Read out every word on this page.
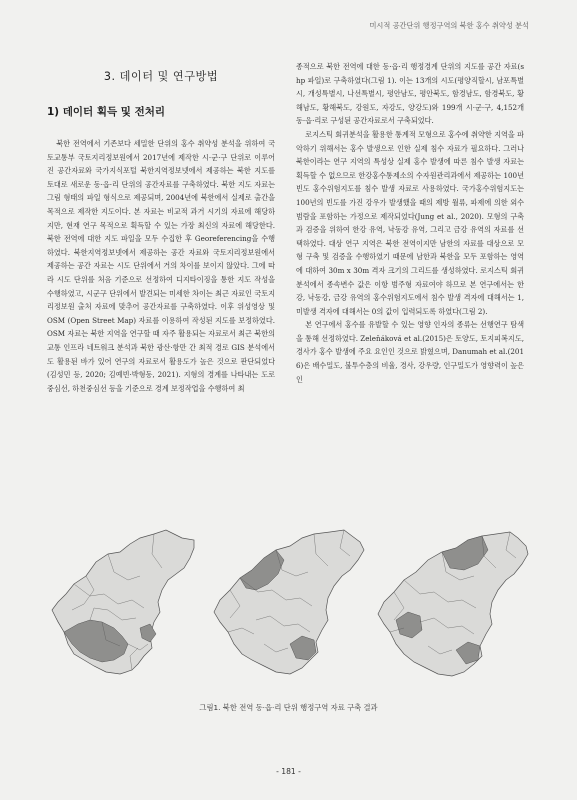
미시적 공간단위 행정구역의 북한 홍수 취약성 분석
3. 데이터 및 연구방법
1) 데이터 획득 및 전처리

북한 전역에서 기존보다 세밀한 단위의 홍수 취약성 분석을 위하여 국토교통부 국토지리정보원에서 2017년에 제작한 시·군·구 단위로 이루어진 공간자료와 국가지식포털 북한지역정보넷에서 제공하는 북한 지도를 토대로 새로운 동·읍·리 단위의 공간자료를 구축하였다. 북한 지도 자료는 그림 형태의 파일 형식으로 제공되며, 2004년에 북한에서 실제로 출간을 목적으로 제작한 지도이다. 본 자료는 비교적 과거 시기의 자료에 해당하지만, 현재 연구 목적으로 획득할 수 있는 가장 최신의 자료에 해당한다. 북한 전역에 대한 지도 파일을 모두 수집한 후 Georeferencing을 수행하였다. 북한지역정보넷에서 제공하는 공간 자료와 국토지리정보원에서 제공하는 공간 자료는 시도 단위에서 거의 차이를 보이지 않았다. 그에 따라 시도 단위를 처음 기준으로 선정하여 디지타이징을 통한 지도 작성을 수행하였고, 시군구 단위에서 발견되는 미세한 차이는 최근 자료인 국토지리정보원 출처 자료에 맞추어 공간자료를 구축하였다. 이후 위성영상 및 OSM (Open Street Map) 자료를 이용하여 작성된 지도를 보정하였다. OSM 자료는 북한 지역을 연구할 때 자주 활용되는 자료로서 최근 북한의 교통 인프라 네트워크 분석과 북한 광산·항만 간 최적 경로 GIS 분석에서도 활용된 바가 있어 연구의 자료로서 활용도가 높은 것으로 판단되었다(김성민 등, 2020; 김예빈·박형동, 2021). 지형의 경계를 나타내는 도로중심선, 하천중심선 등을 기준으로 경계 보정작업을 수행하여 최

종적으로 북한 전역에 대한 동·읍·리 행정경계 단위의 지도를 공간 자료(shp 파일)로 구축하였다(그림 1). 이는 13개의 시도(평양직할시, 남포특별시, 개성특별시, 나선특별시, 평안남도, 평안북도, 함경남도, 함경북도, 황해남도, 황해북도, 강원도, 자강도, 양강도)와 199개 시·군·구, 4,152개 동·읍·리로 구성된 공간자료로서 구축되었다.

로지스틱 회귀분석을 활용한 통계적 모형으로 홍수에 취약한 지역을 파악하기 위해서는 홍수 발생으로 인한 실제 침수 자료가 필요하다. 그러나 북한이라는 연구 지역의 특성상 실제 홍수 발생에 따른 침수 발생 자료는 획득할 수 없으므로 한강홍수통제소의 수자원관리과에서 제공하는 100년 빈도 홍수위험지도를 침수 발생 자료로 사용하였다. 국가홍수위험지도는 100년의 빈도를 가진 강우가 발생했을 때의 제방 월류, 파제에 의한 외수범람을 포함하는 가정으로 제작되었다(Jung et al., 2020). 모형의 구축과 검증을 위하여 한강 유역, 낙동강 유역, 그리고 금강 유역의 자료를 선택하였다. 대상 연구 지역은 북한 전역이지만 남한의 자료를 대상으로 모형 구축 및 검증을 수행하였기 때문에 남한과 북한을 모두 포함하는 영역에 대하여 30m x 30m 격자 크기의 그리드를 생성하였다. 로지스틱 회귀분석에서 종속변수 값은 이항 범주형 자료여야 하므로 본 연구에서는 한강, 낙동강, 금강 유역의 홍수위험지도에서 침수 발생 격자에 대해서는 1, 미발생 격자에 대해서는 0의 값이 입력되도록 하였다(그림 2).

본 연구에서 홍수를 유발할 수 있는 영향 인자의 종류는 선행연구 탐색을 통해 선정하였다. Zeleňáková et al.(2015)은 토양도, 토지피복지도, 경사가 홍수 발생에 주요 요인인 것으로 밝혔으며, Danumah et al.(2016)은 배수밀도, 불투수층의 비율, 경사, 강우량, 인구밀도가 영향력이 높은 인

그림1. 북한 전역 동·읍·리 단위 행정구역 자료 구축 결과
- 181 -
